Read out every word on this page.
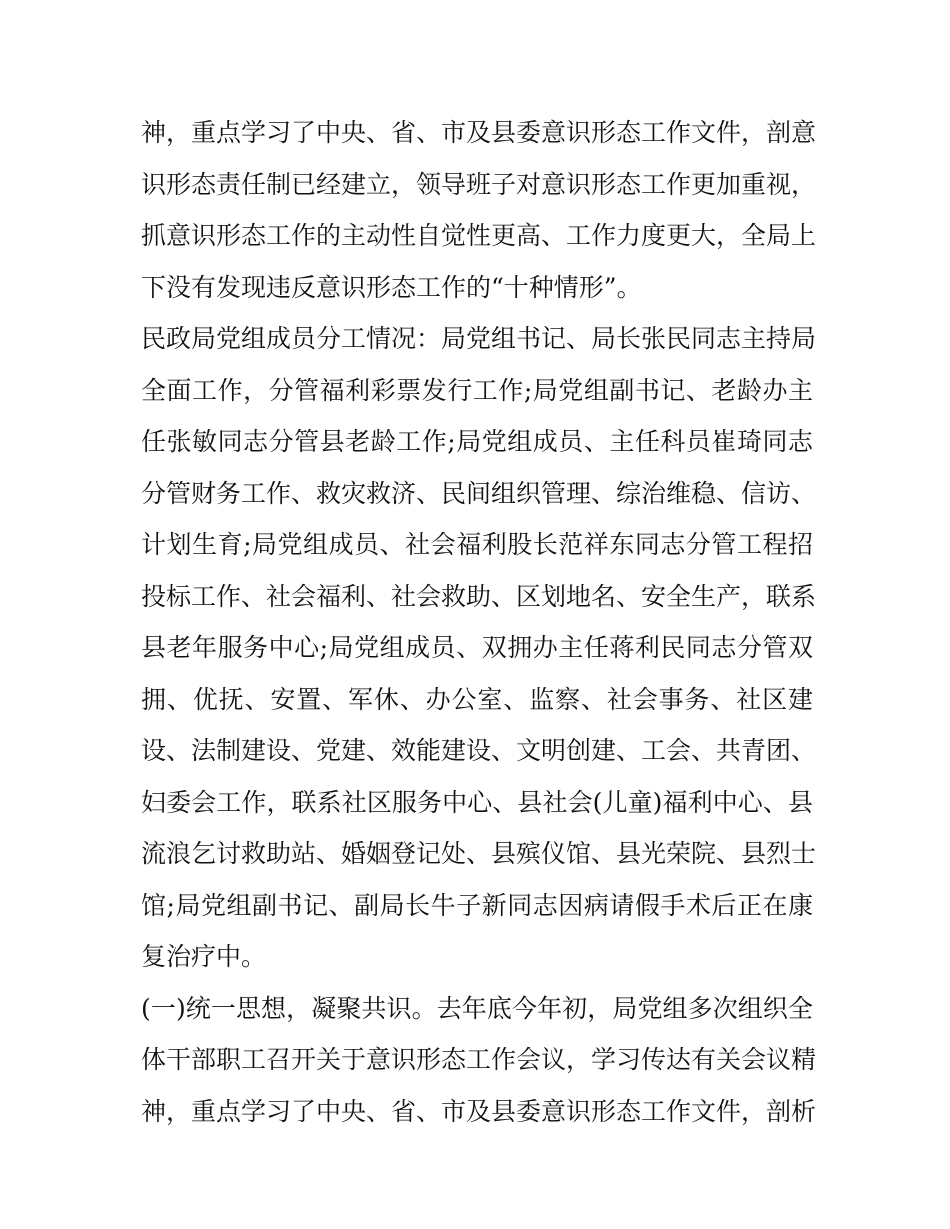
神，重点学习了中央、省、市及县委意识形态工作文件，剖意
识形态责任制已经建立，领导班子对意识形态工作更加重视，
抓意识形态工作的主动性自觉性更高、工作力度更大，全局上
下没有发现违反意识形态工作的“十种情形”。
民政局党组成员分工情况：局党组书记、局长张民同志主持局
全面工作，分管福利彩票发行工作;局党组副书记、老龄办主
任张敏同志分管县老龄工作;局党组成员、主任科员崔琦同志
分管财务工作、救灾救济、民间组织管理、综治维稳、信访、
计划生育;局党组成员、社会福利股长范祥东同志分管工程招
投标工作、社会福利、社会救助、区划地名、安全生产，联系
县老年服务中心;局党组成员、双拥办主任蒋利民同志分管双
拥、优抚、安置、军休、办公室、监察、社会事务、社区建
设、法制建设、党建、效能建设、文明创建、工会、共青团、
妇委会工作，联系社区服务中心、县社会(儿童)福利中心、县
流浪乞讨救助站、婚姻登记处、县殡仪馆、县光荣院、县烈士
馆;局党组副书记、副局长牛子新同志因病请假手术后正在康
复治疗中。
(一)统一思想，凝聚共识。去年底今年初，局党组多次组织全
体干部职工召开关于意识形态工作会议，学习传达有关会议精
神，重点学习了中央、省、市及县委意识形态工作文件，剖析
